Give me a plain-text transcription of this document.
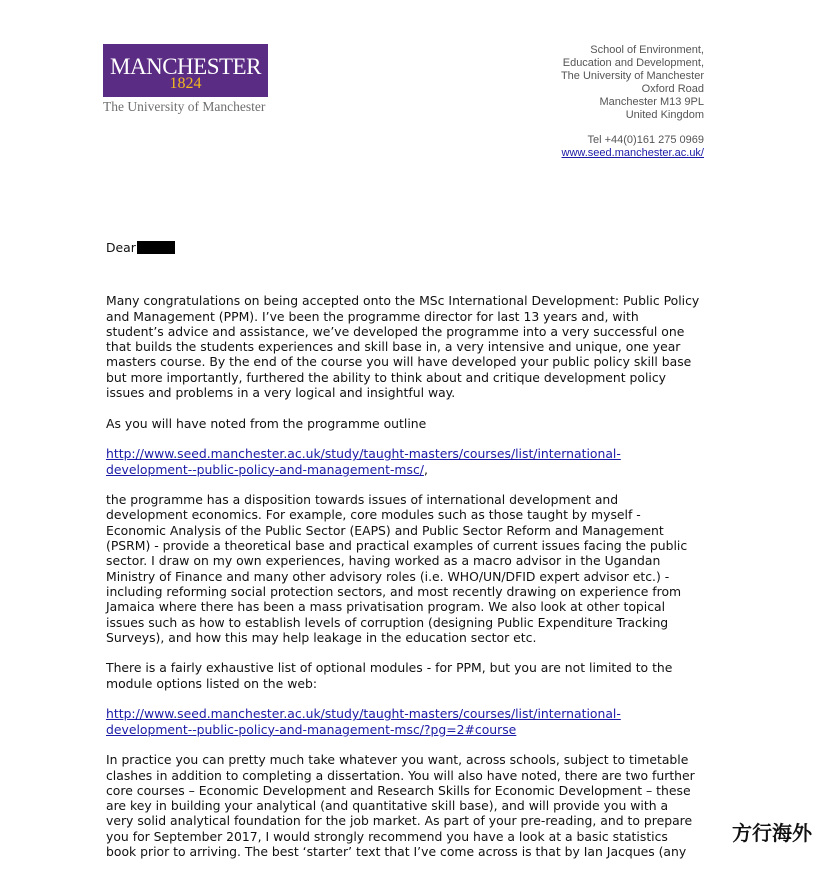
MANCHESTER
1824
The University of Manchester
School of Environment,
Education and Development,
The University of Manchester
Oxford Road
Manchester M13 9PL
United Kingdom
Tel +44(0)161 275 0969
www.seed.manchester.ac.uk/

Dear

Many congratulations on being accepted onto the MSc International Development: Public Policy
and Management (PPM). I’ve been the programme director for last 13 years and, with
student’s advice and assistance, we’ve developed the programme into a very successful one
that builds the students experiences and skill base in, a very intensive and unique, one year
masters course. By the end of the course you will have developed your public policy skill base
but more importantly, furthered the ability to think about and critique development policy
issues and problems in a very logical and insightful way.

As you will have noted from the programme outline

http://www.seed.manchester.ac.uk/study/taught-masters/courses/list/international-
development--public-policy-and-management-msc/,

the programme has a disposition towards issues of international development and
development economics. For example, core modules such as those taught by myself -
Economic Analysis of the Public Sector (EAPS) and Public Sector Reform and Management
(PSRM) - provide a theoretical base and practical examples of current issues facing the public
sector. I draw on my own experiences, having worked as a macro advisor in the Ugandan
Ministry of Finance and many other advisory roles (i.e. WHO/UN/DFID expert advisor etc.) -
including reforming social protection sectors, and most recently drawing on experience from
Jamaica where there has been a mass privatisation program. We also look at other topical
issues such as how to establish levels of corruption (designing Public Expenditure Tracking
Surveys), and how this may help leakage in the education sector etc.

There is a fairly exhaustive list of optional modules - for PPM, but you are not limited to the
module options listed on the web:

http://www.seed.manchester.ac.uk/study/taught-masters/courses/list/international-
development--public-policy-and-management-msc/?pg=2#course

In practice you can pretty much take whatever you want, across schools, subject to timetable
clashes in addition to completing a dissertation. You will also have noted, there are two further
core courses – Economic Development and Research Skills for Economic Development – these
are key in building your analytical (and quantitative skill base), and will provide you with a
very solid analytical foundation for the job market. As part of your pre-reading, and to prepare
you for September 2017, I would strongly recommend you have a look at a basic statistics
book prior to arriving. The best ‘starter’ text that I’ve come across is that by Ian Jacques (any

方行海外
